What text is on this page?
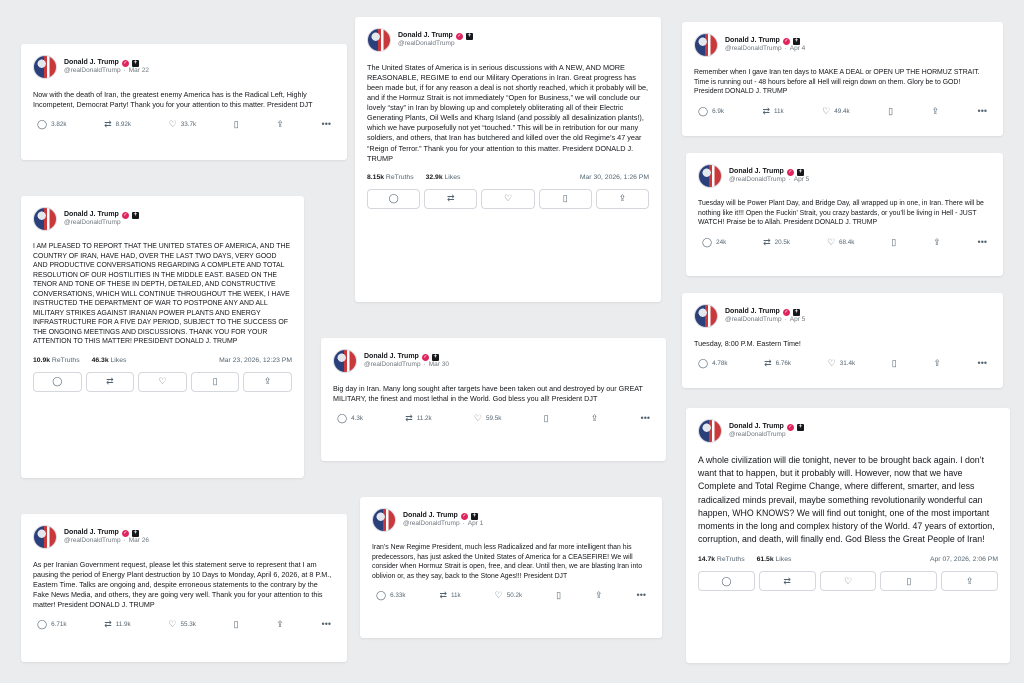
Donald J. Trump ✓ +
@realDonaldTrump · Mar 22
Now with the death of Iran, the greatest enemy America has is the Radical Left, Highly Incompetent, Democrat Party! Thank you for your attention to this matter. President DJT
◯ 3.82k	⇄ 8.92k	♡ 33.7k	▯	⇪	•••
Donald J. Trump ✓ +
@realDonaldTrump
I AM PLEASED TO REPORT THAT THE UNITED STATES OF AMERICA, AND THE COUNTRY OF IRAN, HAVE HAD, OVER THE LAST TWO DAYS, VERY GOOD AND PRODUCTIVE CONVERSATIONS REGARDING A COMPLETE AND TOTAL RESOLUTION OF OUR HOSTILITIES IN THE MIDDLE EAST. BASED ON THE TENOR AND TONE OF THESE IN DEPTH, DETAILED, AND CONSTRUCTIVE CONVERSATIONS, WHICH WILL CONTINUE THROUGHOUT THE WEEK, I HAVE INSTRUCTED THE DEPARTMENT OF WAR TO POSTPONE ANY AND ALL MILITARY STRIKES AGAINST IRANIAN POWER PLANTS AND ENERGY INFRASTRUCTURE FOR A FIVE DAY PERIOD, SUBJECT TO THE SUCCESS OF THE ONGOING MEETINGS AND DISCUSSIONS. THANK YOU FOR YOUR ATTENTION TO THIS MATTER! PRESIDENT DONALD J. TRUMP
10.9k ReTruths 46.3k Likes	Mar 23, 2026, 12:23 PM
◯	⇄	♡	▯	⇪
Donald J. Trump ✓ +
@realDonaldTrump · Mar 26
As per Iranian Government request, please let this statement serve to represent that I am pausing the period of Energy Plant destruction by 10 Days to Monday, April 6, 2026, at 8 P.M., Eastern Time. Talks are ongoing and, despite erroneous statements to the contrary by the Fake News Media, and others, they are going very well. Thank you for your attention to this matter! President DONALD J. TRUMP
◯ 6.71k	⇄ 11.9k	♡ 55.3k	▯	⇪	•••
Donald J. Trump ✓ +
@realDonaldTrump
The United States of America is in serious discussions with A NEW, AND MORE REASONABLE, REGIME to end our Military Operations in Iran. Great progress has been made but, if for any reason a deal is not shortly reached, which it probably will be, and if the Hormuz Strait is not immediately “Open for Business,” we will conclude our lovely “stay” in Iran by blowing up and completely obliterating all of their Electric Generating Plants, Oil Wells and Kharg Island (and possibly all desalinization plants!), which we have purposefully not yet “touched.” This will be in retribution for our many soldiers, and others, that Iran has butchered and killed over the old Regime’s 47 year “Reign of Terror.” Thank you for your attention to this matter. President DONALD J. TRUMP
8.15k ReTruths 32.9k Likes	Mar 30, 2026, 1:26 PM
◯	⇄	♡	▯	⇪
Donald J. Trump ✓ +
@realDonaldTrump · Mar 30
Big day in Iran. Many long sought after targets have been taken out and destroyed by our GREAT MILITARY, the finest and most lethal in the World. God bless you all! President DJT
◯ 4.3k	⇄ 11.2k	♡ 59.5k	▯	⇪	•••
Donald J. Trump ✓ +
@realDonaldTrump · Apr 1
Iran’s New Regime President, much less Radicalized and far more intelligent than his predecessors, has just asked the United States of America for a CEASEFIRE! We will consider when Hormuz Strait is open, free, and clear. Until then, we are blasting Iran into oblivion or, as they say, back to the Stone Ages!!! President DJT
◯ 6.33k	⇄ 11k	♡ 50.2k	▯	⇪	•••
Donald J. Trump ✓ +
@realDonaldTrump · Apr 4
Remember when I gave Iran ten days to MAKE A DEAL or OPEN UP THE HORMUZ STRAIT. Time is running out - 48 hours before all Hell will reign down on them. Glory be to GOD! President DONALD J. TRUMP
◯ 6.9k	⇄ 11k	♡ 49.4k	▯	⇪	•••
Donald J. Trump ✓ +
@realDonaldTrump · Apr 5
Tuesday will be Power Plant Day, and Bridge Day, all wrapped up in one, in Iran. There will be nothing like it!!! Open the Fuckin’ Strait, you crazy bastards, or you’ll be living in Hell - JUST WATCH! Praise be to Allah. President DONALD J. TRUMP
◯ 24k	⇄ 20.5k	♡ 68.4k	▯	⇪	•••
Donald J. Trump ✓ +
@realDonaldTrump · Apr 5
Tuesday, 8:00 P.M. Eastern Time!
◯ 4.78k	⇄ 6.76k	♡ 31.4k	▯	⇪	•••
Donald J. Trump ✓ +
@realDonaldTrump
A whole civilization will die tonight, never to be brought back again. I don’t want that to happen, but it probably will. However, now that we have Complete and Total Regime Change, where different, smarter, and less radicalized minds prevail, maybe something revolutionarily wonderful can happen, WHO KNOWS? We will find out tonight, one of the most important moments in the long and complex history of the World. 47 years of extortion, corruption, and death, will finally end. God Bless the Great People of Iran!
14.7k ReTruths 61.5k Likes	Apr 07, 2026, 2:06 PM
◯	⇄	♡	▯	⇪
